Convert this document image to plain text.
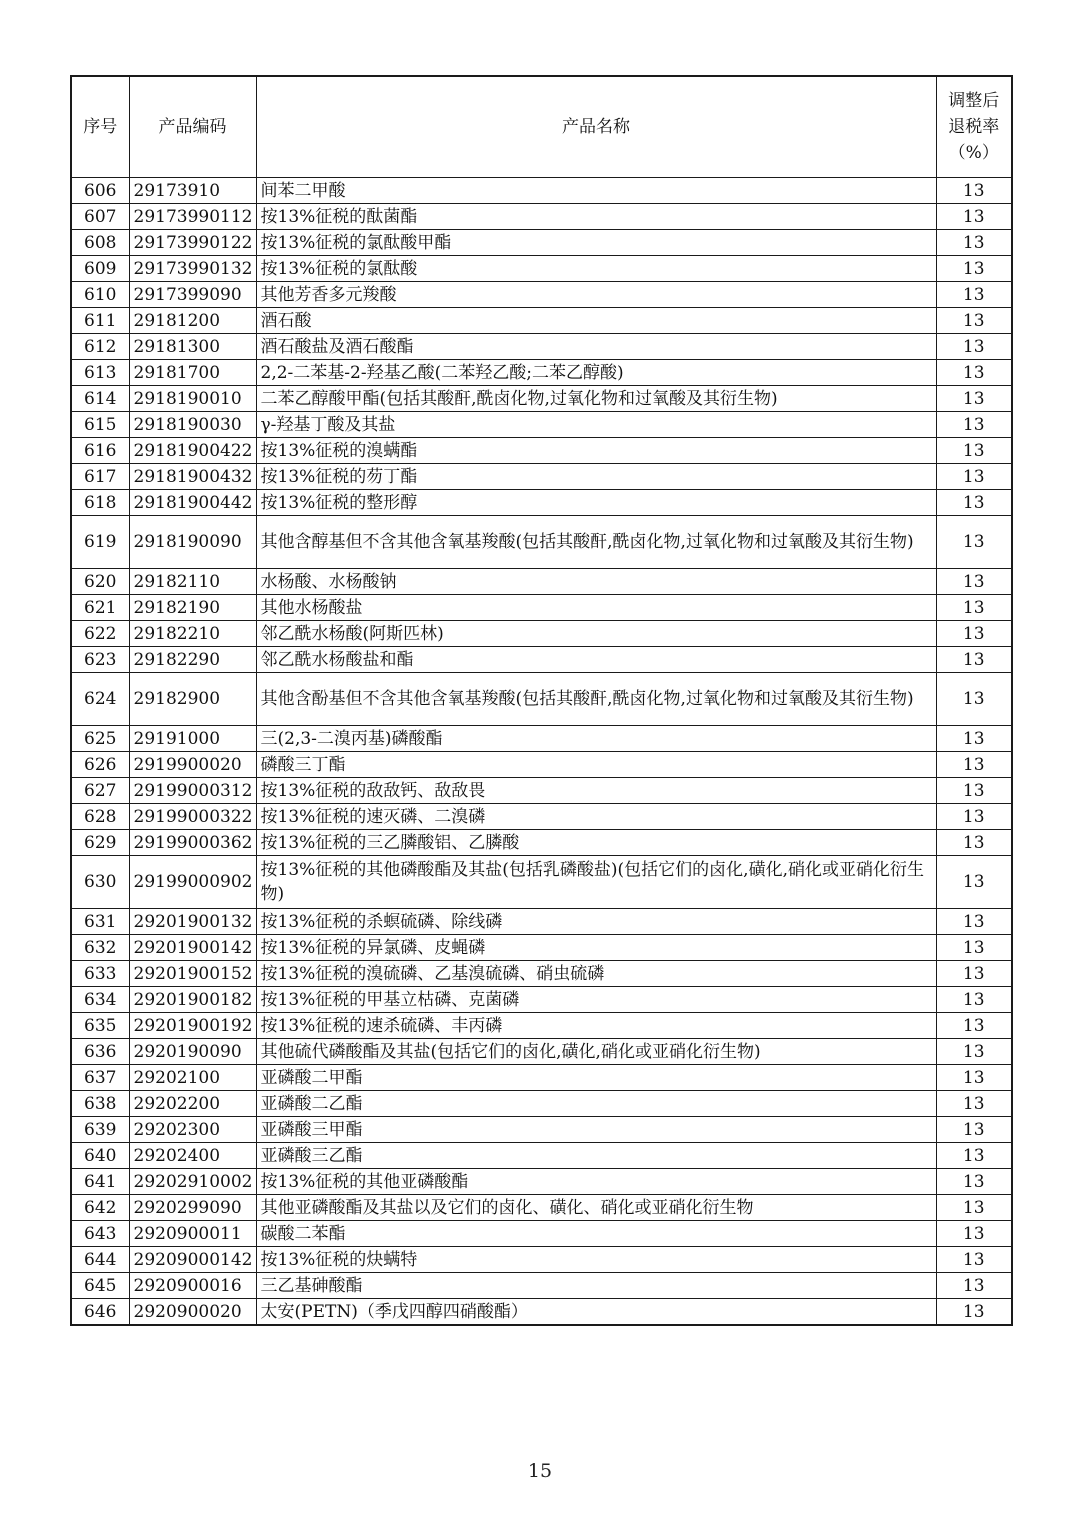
序号	产品编码	产品名称	调整后
退税率
（%）

606	29173910	间苯二甲酸	13
607	29173990112	按13%征税的酞菌酯	13
608	29173990122	按13%征税的氯酞酸甲酯	13
609	29173990132	按13%征税的氯酞酸	13
610	2917399090	其他芳香多元羧酸	13
611	29181200	酒石酸	13
612	29181300	酒石酸盐及酒石酸酯	13
613	29181700	2,2-二苯基-2-羟基乙酸(二苯羟乙酸;二苯乙醇酸)	13
614	2918190010	二苯乙醇酸甲酯(包括其酸酐,酰卤化物,过氧化物和过氧酸及其衍生物)	13
615	2918190030	γ-羟基丁酸及其盐	13
616	29181900422	按13%征税的溴螨酯	13
617	29181900432	按13%征税的芴丁酯	13
618	29181900442	按13%征税的整形醇	13
619	2918190090	其他含醇基但不含其他含氧基羧酸(包括其酸酐,酰卤化物,过氧化物和过氧酸及其衍生物)	13
620	29182110	水杨酸、水杨酸钠	13
621	29182190	其他水杨酸盐	13
622	29182210	邻乙酰水杨酸(阿斯匹林)	13
623	29182290	邻乙酰水杨酸盐和酯	13
624	29182900	其他含酚基但不含其他含氧基羧酸(包括其酸酐,酰卤化物,过氧化物和过氧酸及其衍生物)	13
625	29191000	三(2,3-二溴丙基)磷酸酯	13
626	2919900020	磷酸三丁酯	13
627	29199000312	按13%征税的敌敌钙、敌敌畏	13
628	29199000322	按13%征税的速灭磷、二溴磷	13
629	29199000362	按13%征税的三乙膦酸铝、乙膦酸	13
630	29199000902	按13%征税的其他磷酸酯及其盐(包括乳磷酸盐)(包括它们的卤化,磺化,硝化或亚硝化衍生物)	13
631	29201900132	按13%征税的杀螟硫磷、除线磷	13
632	29201900142	按13%征税的异氯磷、皮蝇磷	13
633	29201900152	按13%征税的溴硫磷、乙基溴硫磷、硝虫硫磷	13
634	29201900182	按13%征税的甲基立枯磷、克菌磷	13
635	29201900192	按13%征税的速杀硫磷、丰丙磷	13
636	2920190090	其他硫代磷酸酯及其盐(包括它们的卤化,磺化,硝化或亚硝化衍生物)	13
637	29202100	亚磷酸二甲酯	13
638	29202200	亚磷酸二乙酯	13
639	29202300	亚磷酸三甲酯	13
640	29202400	亚磷酸三乙酯	13
641	29202910002	按13%征税的其他亚磷酸酯	13
642	2920299090	其他亚磷酸酯及其盐以及它们的卤化、磺化、硝化或亚硝化衍生物	13
643	2920900011	碳酸二苯酯	13
644	29209000142	按13%征税的炔螨特	13
645	2920900016	三乙基砷酸酯	13
646	2920900020	太安(PETN)（季戊四醇四硝酸酯）	13
15
